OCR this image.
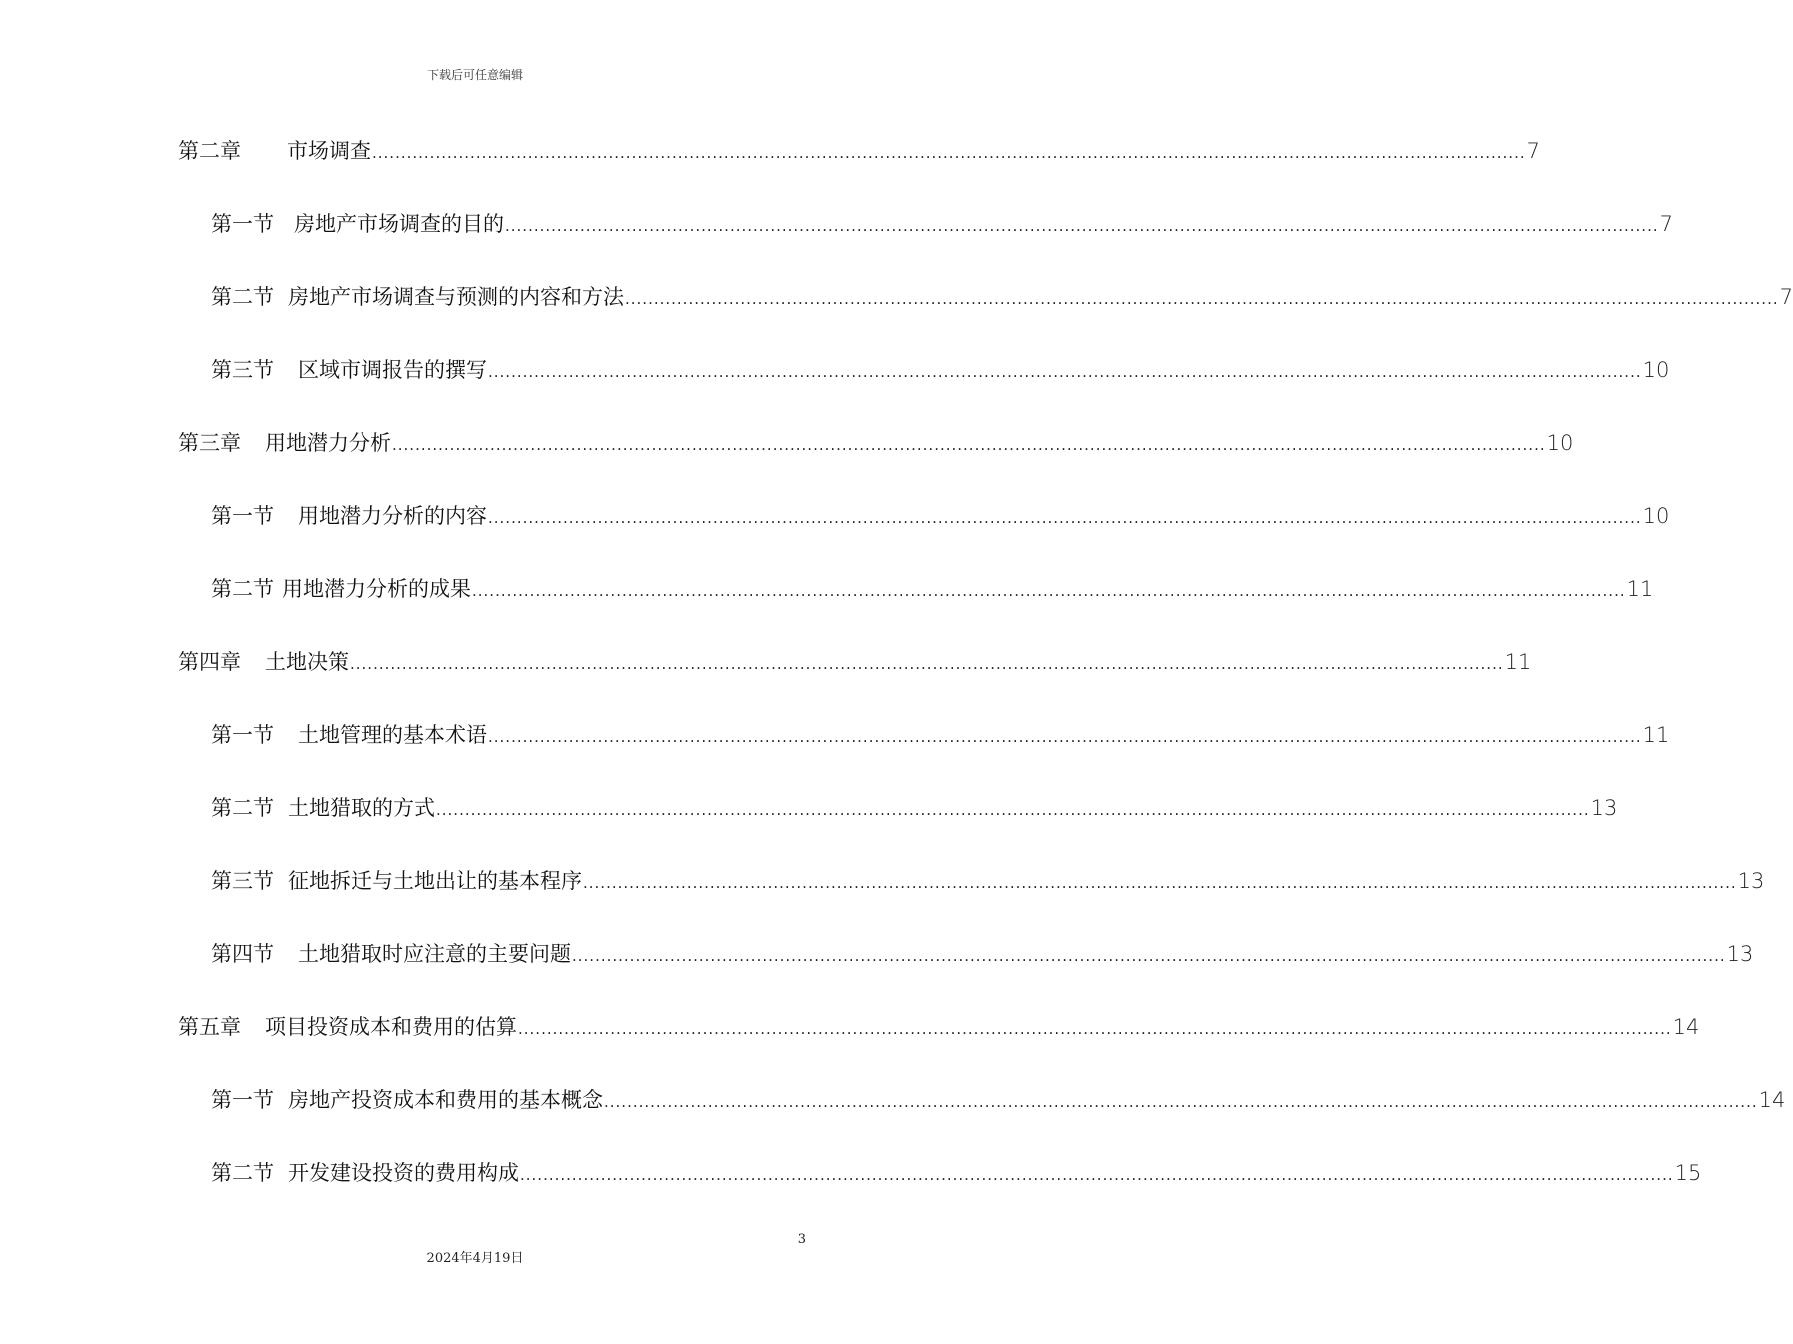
下载后可任意编辑
第二章 市场调查 ........................................................................................................................................................................................................ 7
第一节 房地产市场调查的目的 ........................................................................................................................................................................................................ 7
第二节 房地产市场调查与预测的内容和方法 ........................................................................................................................................................................................................ 7
第三节 区域市调报告的撰写 ........................................................................................................................................................................................................ 10
第三章 用地潜力分析 ........................................................................................................................................................................................................ 10
第一节 用地潜力分析的内容 ........................................................................................................................................................................................................ 10
第二节 用地潜力分析的成果 ........................................................................................................................................................................................................ 11
第四章 土地决策 ........................................................................................................................................................................................................ 11
第一节 土地管理的基本术语 ........................................................................................................................................................................................................ 11
第二节 土地猎取的方式 ........................................................................................................................................................................................................ 13
第三节 征地拆迁与土地出让的基本程序 ........................................................................................................................................................................................................ 13
第四节 土地猎取时应注意的主要问题 ........................................................................................................................................................................................................ 13
第五章 项目投资成本和费用的估算 ........................................................................................................................................................................................................ 14
第一节 房地产投资成本和费用的基本概念 ........................................................................................................................................................................................................ 14
第二节 开发建设投资的费用构成 ........................................................................................................................................................................................................ 15
3
2024年4月19日
